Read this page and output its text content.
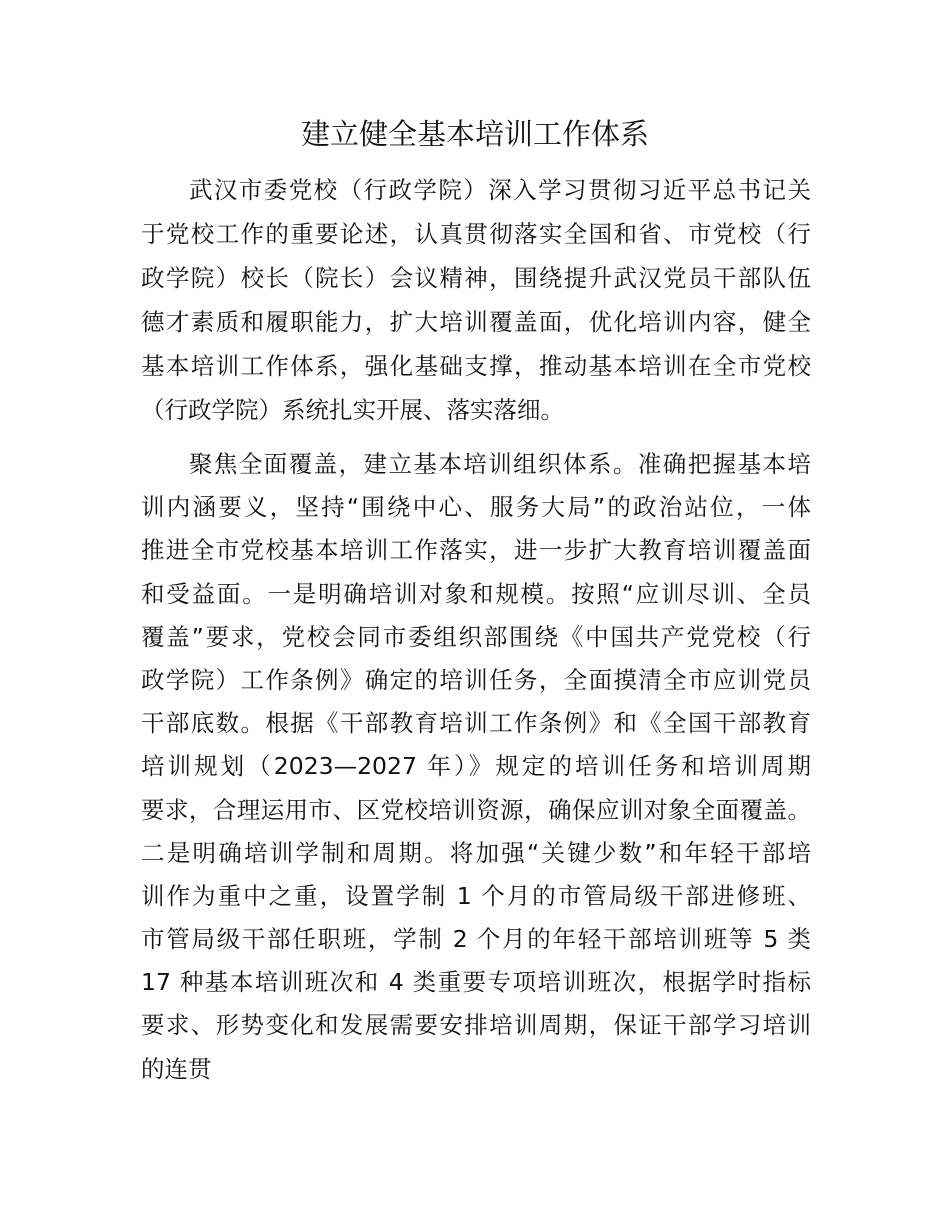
建立健全基本培训工作体系
武汉市委党校（行政学院）深入学习贯彻习近平总书记关
于党校工作的重要论述，认真贯彻落实全国和省、市党校（行
政学院）校长（院长）会议精神，围绕提升武汉党员干部队伍
德才素质和履职能力，扩大培训覆盖面，优化培训内容，健全
基本培训工作体系，强化基础支撑，推动基本培训在全市党校
（行政学院）系统扎实开展、落实落细。
聚焦全面覆盖，建立基本培训组织体系。准确把握基本培
训内涵要义，坚持“围绕中心、服务大局”的政治站位，一体
推进全市党校基本培训工作落实，进一步扩大教育培训覆盖面
和受益面。一是明确培训对象和规模。按照“应训尽训、全员
覆盖”要求，党校会同市委组织部围绕《中国共产党党校（行
政学院）工作条例》确定的培训任务，全面摸清全市应训党员
干部底数。根据《干部教育培训工作条例》和《全国干部教育
培训规划（2023—2027 年）》规定的培训任务和培训周期
要求，合理运用市、区党校培训资源，确保应训对象全面覆盖。
二是明确培训学制和周期。将加强“关键少数”和年轻干部培
训作为重中之重，设置学制 1 个月的市管局级干部进修班、
市管局级干部任职班，学制 2 个月的年轻干部培训班等 5 类
17 种基本培训班次和 4 类重要专项培训班次，根据学时指标
要求、形势变化和发展需要安排培训周期，保证干部学习培训
的连贯
